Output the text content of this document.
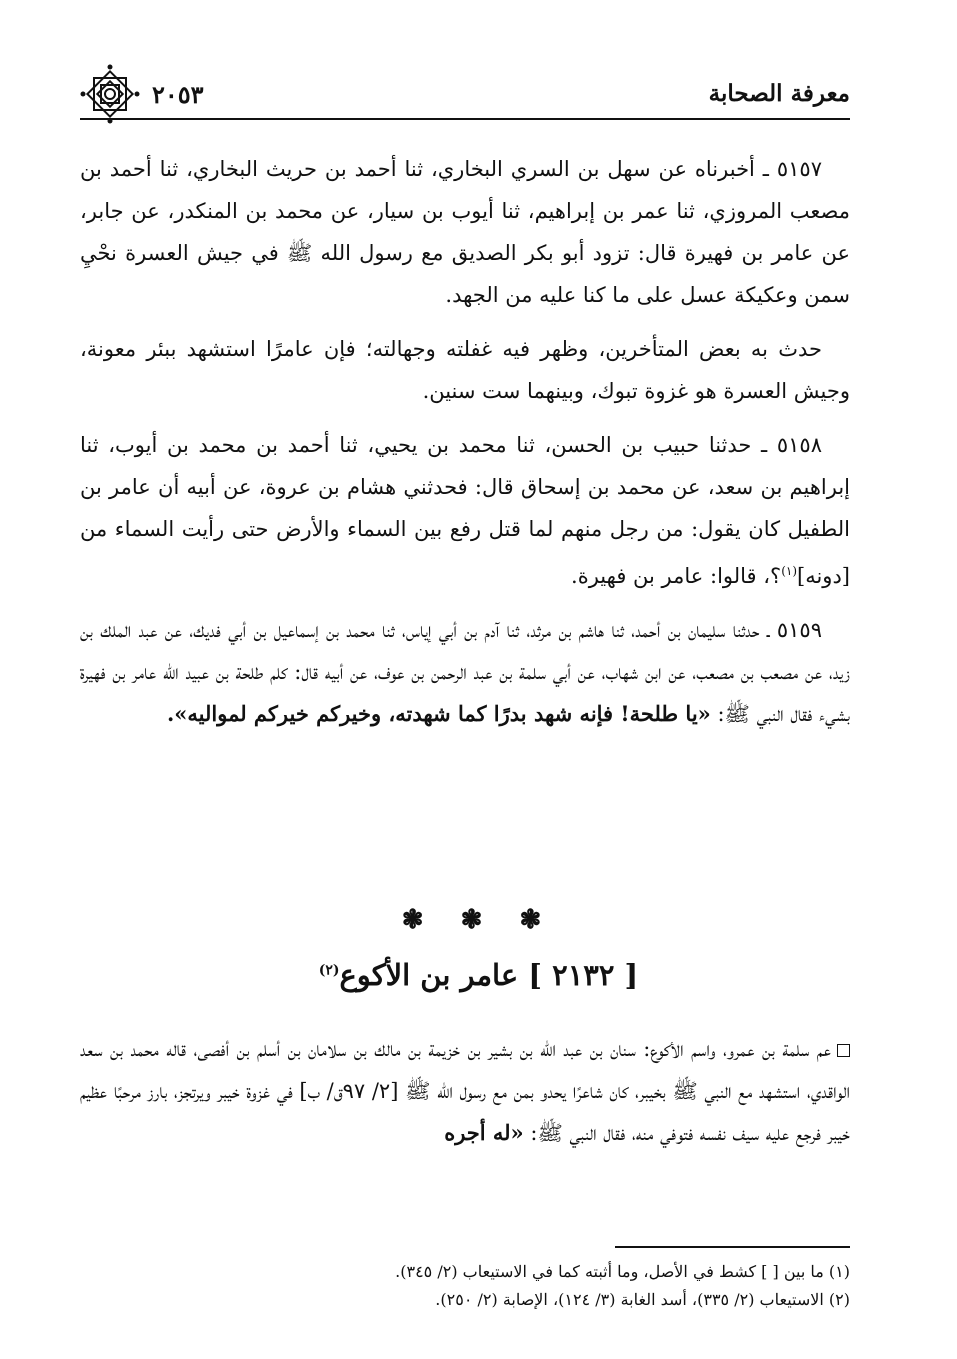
معرفة الصحابة
٢٠٥٣

٥١٥٧ ـ أخبرناه عن سهل بن السري البخاري، ثنا أحمد بن حريث البخاري، ثنا أحمد بن مصعب المروزي، ثنا عمر بن إبراهيم، ثنا أيوب بن سيار، عن محمد بن المنكدر، عن جابر، عن عامر بن فهيرة قال: تزود أبو بكر الصديق مع رسول الله ﷺ في جيش العسرة نحْيِ سمن وعكيكة عسل على ما كنا عليه من الجهد.

حدث به بعض المتأخرين، وظهر فيه غفلته وجهالته؛ فإن عامرًا استشهد ببئر معونة، وجيش العسرة هو غزوة تبوك، وبينهما ست سنين.

٥١٥٨ ـ حدثنا حبيب بن الحسن، ثنا محمد بن يحيي، ثنا أحمد بن محمد بن أيوب، ثنا إبراهيم بن سعد، عن محمد بن إسحاق قال: فحدثني هشام بن عروة، عن أبيه أن عامر بن الطفيل كان يقول: من رجل منهم لما قتل رفع بين السماء والأرض حتى رأيت السماء من [دونه]$^{(١)}$؟، قالوا: عامر بن فهيرة.

٥١٥٩ ـ حدثنا سليمان بن أحمد، ثنا هاشم بن مرثد، ثنا آدم بن أبي إياس، ثنا محمد بن إسماعيل بن أبي فديك، عن عبد الملك بن زيد، عن مصعب بن مصعب، عن ابن شهاب، عن أبي سلمة بن عبد الرحمن بن عوف، عن أبيه قال: كلم طلحة بن عبيد الله عامر بن فهيرة بشيء فقال النبي ﷺ: «يا طلحة! فإنه شهد بدرًا كما شهدته، وخيركم خيركم لمواليه».

❃ ❃ ❃
[ ٢١٣٢ ] عامر بن الأكوع$^{(٢)}$

عم سلمة بن عمرو، واسم الأكوع: سنان بن عبد الله بن بشير بن خزيمة بن مالك بن سلامان بن أسلم بن أفصى، قاله محمد بن سعد الواقدي، استشهد مع النبي ﷺ بخيبر، كان شاعرًا يحدو بمن مع رسول الله ﷺ [٢/ ٩٧ق/ ب] في غزوة خيبر ويرتجز، بارز مرحبًا عظيم خيبر فرجع عليه سيف نفسه فتوفي منه، فقال النبي ﷺ: «له أجره

(١) ما بين [ ] كشط في الأصل، وما أثبته كما في الاستيعاب (٢/ ٣٤٥).

(٢) الاستيعاب (٢/ ٣٣٥)، أسد الغابة (٣/ ١٢٤)، الإصابة (٢/ ٢٥٠).
